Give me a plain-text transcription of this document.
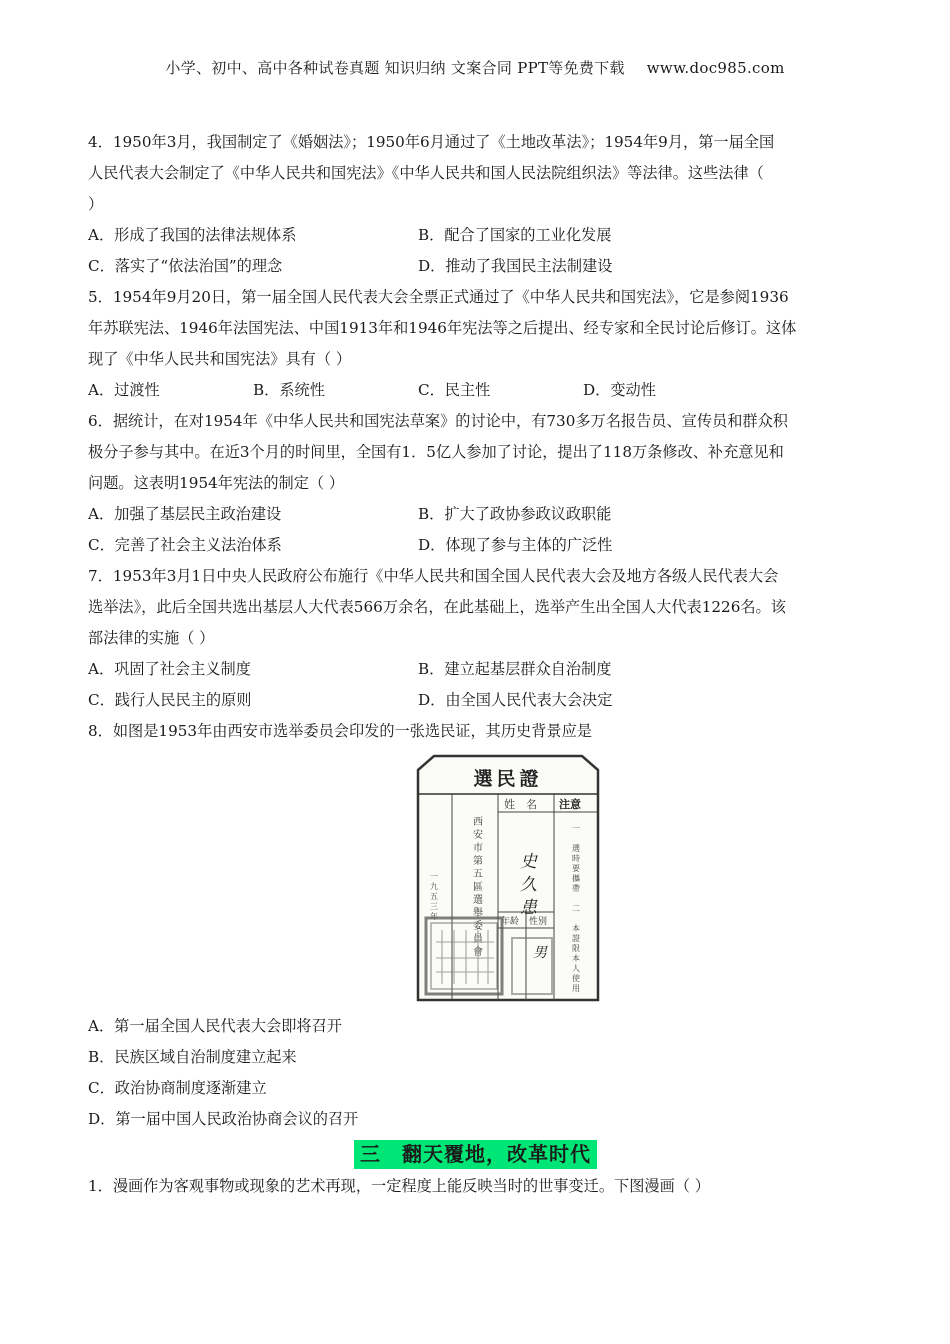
小学、初中、高中各种试卷真题 知识归纳 文案合同 PPT等免费下载 www.doc985.com
4．1950年3月，我国制定了《婚姻法》；1950年6月通过了《土地改革法》；1954年9月，第一届全国
人民代表大会制定了《中华人民共和国宪法》《中华人民共和国人民法院组织法》等法律。这些法律（
）
A．形成了我国的法律法规体系	B．配合了国家的工业化发展
C．落实了“依法治国”的理念	D．推动了我国民主法制建设
5．1954年9月20日，第一届全国人民代表大会全票正式通过了《中华人民共和国宪法》，它是参阅1936
年苏联宪法、1946年法国宪法、中国1913年和1946年宪法等之后提出、经专家和全民讨论后修订。这体
现了《中华人民共和国宪法》具有（ ）
A．过渡性	B．系统性	C．民主性	D．变动性
6．据统计，在对1954年《中华人民共和国宪法草案》的讨论中，有730多万名报告员、宣传员和群众积
极分子参与其中。在近3个月的时间里，全国有1．5亿人参加了讨论，提出了118万条修改、补充意见和
问题。这表明1954年宪法的制定（ ）
A．加强了基层民主政治建设	B．扩大了政协参政议政职能
C．完善了社会主义法治体系	D．体现了参与主体的广泛性
7．1953年3月1日中央人民政府公布施行《中华人民共和国全国人民代表大会及地方各级人民代表大会
选举法》，此后全国共选出基层人大代表566万余名，在此基础上，选举产生出全国人大代表1226名。该
部法律的实施（ ）
A．巩固了社会主义制度	B．建立起基层群众自治制度
C．践行人民民主的原则	D．由全国人民代表大会决定
8．如图是1953年由西安市选举委员会印发的一张选民证，其历史背景应是
選民證
姓　名 注意
史久患
年龄 性别
男
西安市第五區選舉委員會
一九五三年	一　選時要攜帶　二　本證限本人使用
A．第一届全国人民代表大会即将召开
B．民族区域自治制度建立起来
C．政治协商制度逐渐建立
D．第一届中国人民政治协商会议的召开
三　翻天覆地，改革时代
1．漫画作为客观事物或现象的艺术再现，一定程度上能反映当时的世事变迁。下图漫画（ ）
